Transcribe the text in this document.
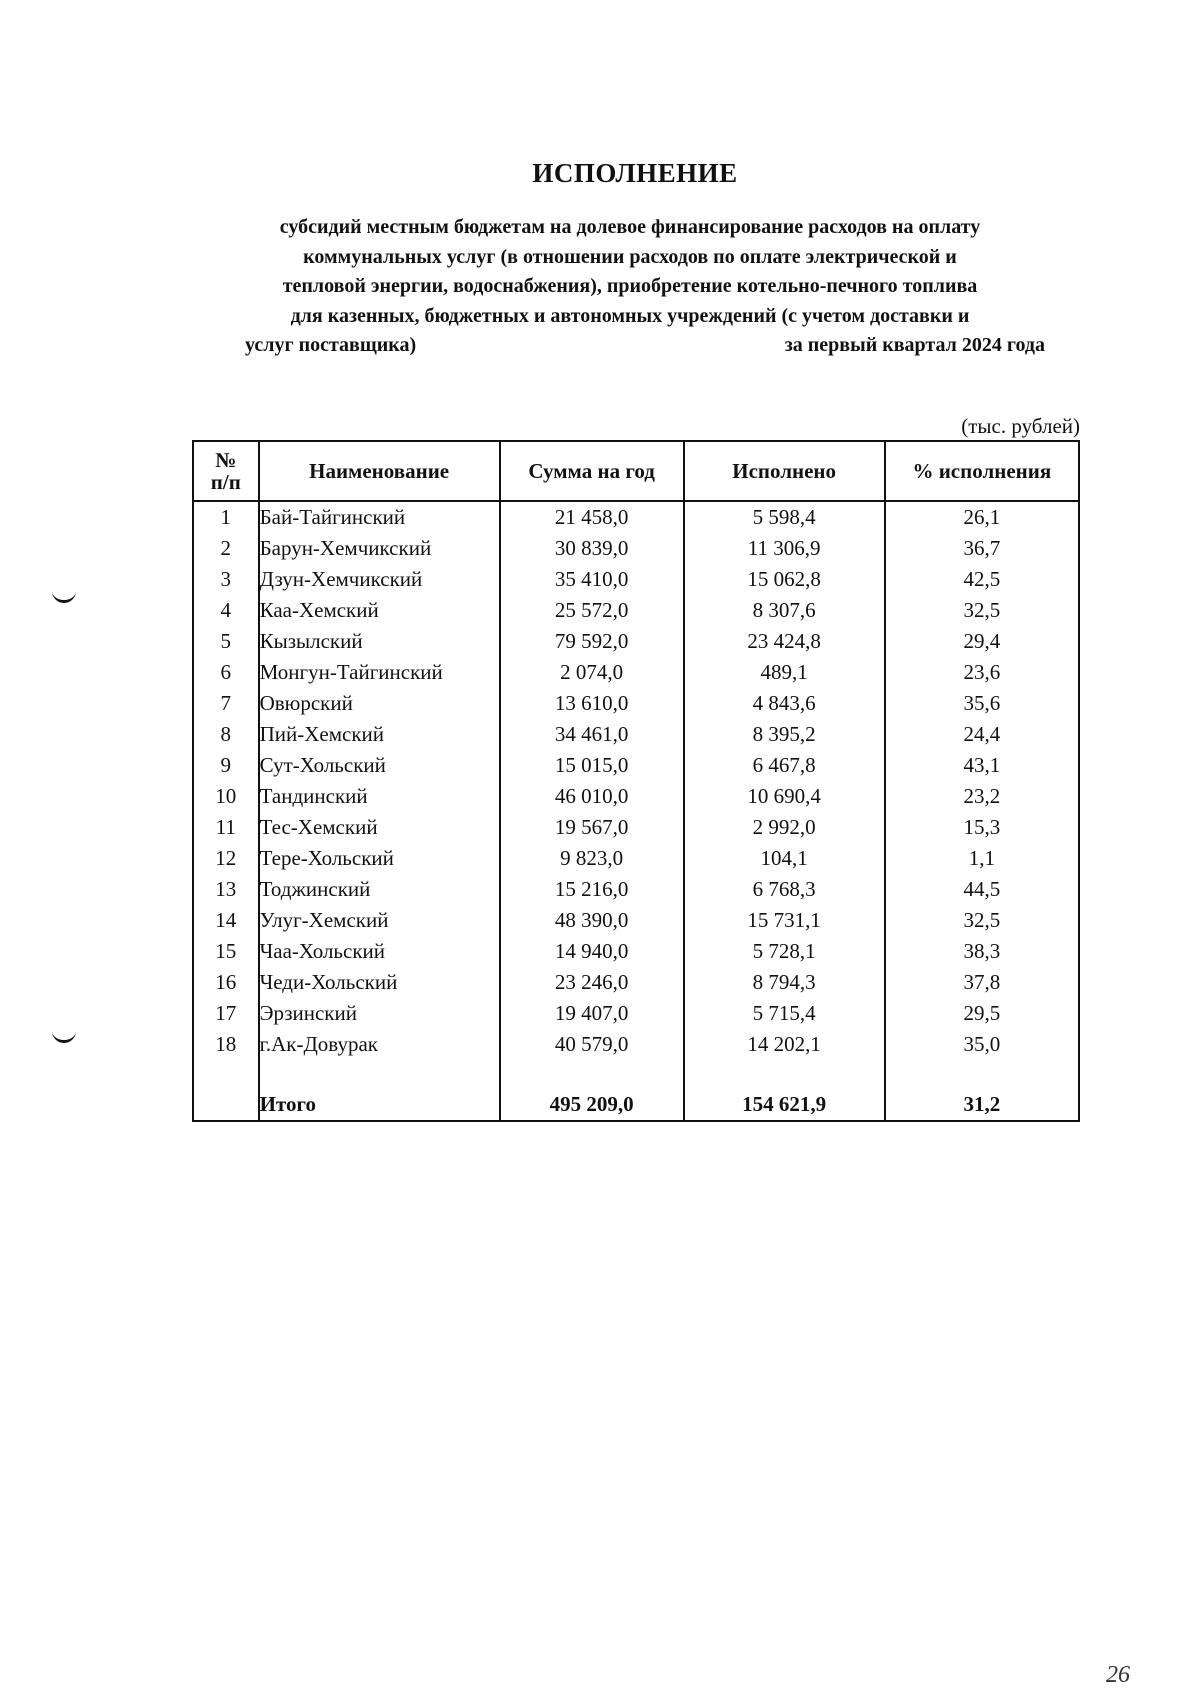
ИСПОЛНЕНИЕ
субсидий местным бюджетам на долевое финансирование расходов на оплату
коммунальных услуг (в отношении расходов по оплате электрической и
тепловой энергии, водоснабжения), приобретение котельно-печного топлива
для казенных, бюджетных и автономных учреждений (с учетом доставки и
услуг поставщика)	за первый квартал 2024 года
(тыс. рублей)
№
п/п	Наименование	Сумма на год	Исполнено	% исполнения
1	Бай-Тайгинский	21 458,0	5 598,4	26,1
2	Барун-Хемчикский	30 839,0	11 306,9	36,7
3	Дзун-Хемчикский	35 410,0	15 062,8	42,5
4	Каа-Хемский	25 572,0	8 307,6	32,5
5	Кызылский	79 592,0	23 424,8	29,4
6	Монгун-Тайгинский	2 074,0	489,1	23,6
7	Овюрский	13 610,0	4 843,6	35,6
8	Пий-Хемский	34 461,0	8 395,2	24,4
9	Сут-Хольский	15 015,0	6 467,8	43,1
10	Тандинский	46 010,0	10 690,4	23,2
11	Тес-Хемский	19 567,0	2 992,0	15,3
12	Тере-Хольский	9 823,0	104,1	1,1
13	Тоджинский	15 216,0	6 768,3	44,5
14	Улуг-Хемский	48 390,0	15 731,1	32,5
15	Чаа-Хольский	14 940,0	5 728,1	38,3
16	Чеди-Хольский	23 246,0	8 794,3	37,8
17	Эрзинский	19 407,0	5 715,4	29,5
18	г.Ак-Довурак	40 579,0	14 202,1	35,0

	Итого	495 209,0	154 621,9	31,2
26
